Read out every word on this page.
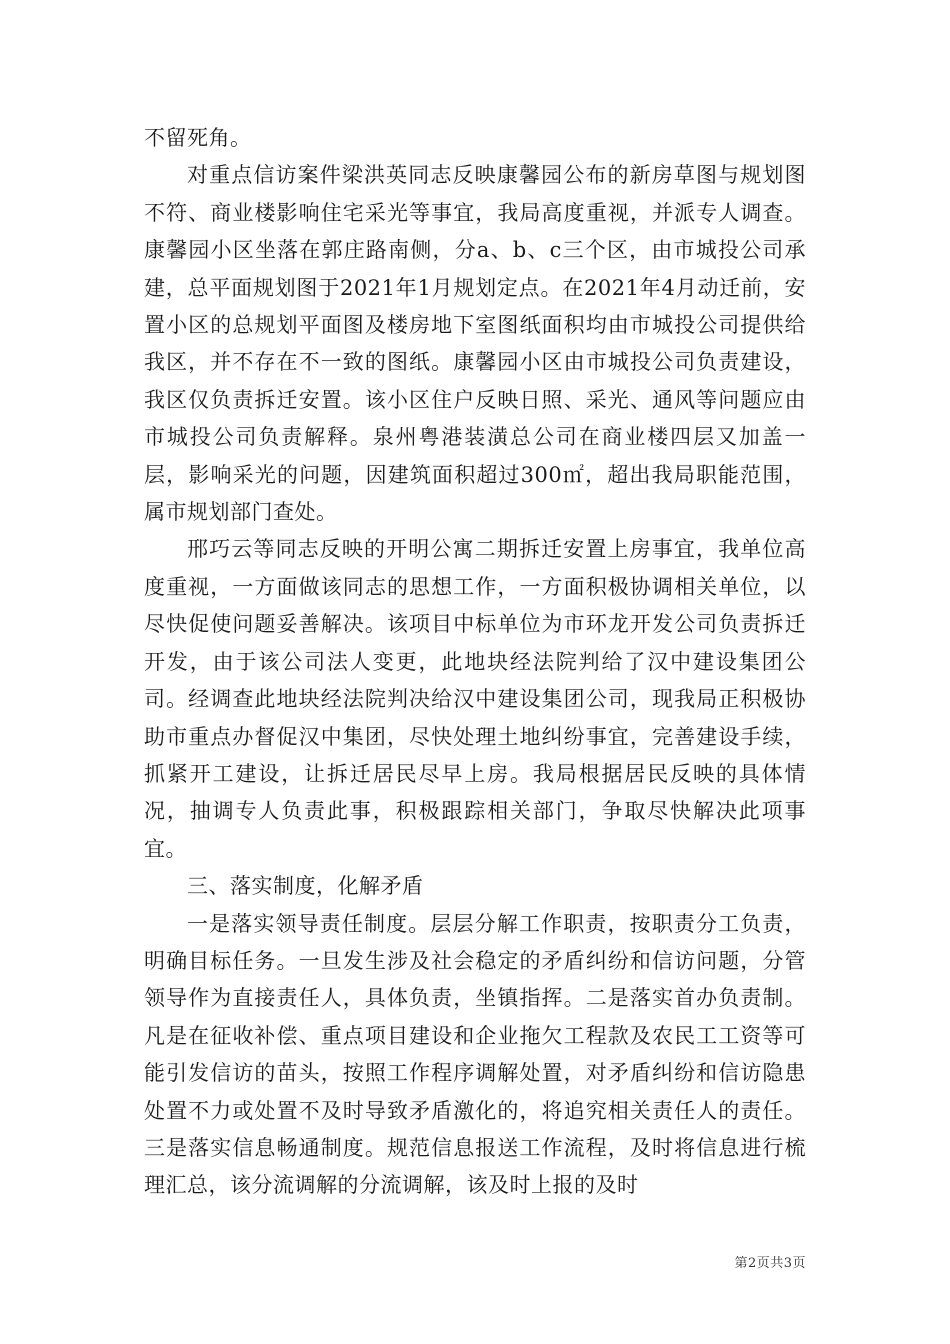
不留死角。

对重点信访案件梁洪英同志反映康馨园公布的新房草图与规划图不符、商业楼影响住宅采光等事宜，我局高度重视，并派专人调查。康馨园小区坐落在郭庄路南侧，分a、b、c三个区，由市城投公司承建，总平面规划图于2021年1月规划定点。在2021年4月动迁前，安置小区的总规划平面图及楼房地下室图纸面积均由市城投公司提供给我区，并不存在不一致的图纸。康馨园小区由市城投公司负责建设，我区仅负责拆迁安置。该小区住户反映日照、采光、通风等问题应由市城投公司负责解释。泉州粤港装潢总公司在商业楼四层又加盖一层，影响采光的问题，因建筑面积超过300㎡，超出我局职能范围，属市规划部门查处。

邢巧云等同志反映的开明公寓二期拆迁安置上房事宜，我单位高度重视，一方面做该同志的思想工作，一方面积极协调相关单位，以尽快促使问题妥善解决。该项目中标单位为市环龙开发公司负责拆迁开发，由于该公司法人变更，此地块经法院判给了汉中建设集团公司。经调查此地块经法院判决给汉中建设集团公司，现我局正积极协助市重点办督促汉中集团，尽快处理土地纠纷事宜，完善建设手续，抓紧开工建设，让拆迁居民尽早上房。我局根据居民反映的具体情况，抽调专人负责此事，积极跟踪相关部门，争取尽快解决此项事宜。

三、落实制度，化解矛盾

一是落实领导责任制度。层层分解工作职责，按职责分工负责，明确目标任务。一旦发生涉及社会稳定的矛盾纠纷和信访问题，分管领导作为直接责任人，具体负责，坐镇指挥。二是落实首办负责制。凡是在征收补偿、重点项目建设和企业拖欠工程款及农民工工资等可能引发信访的苗头，按照工作程序调解处置，对矛盾纠纷和信访隐患处置不力或处置不及时导致矛盾激化的，将追究相关责任人的责任。三是落实信息畅通制度。规范信息报送工作流程，及时将信息进行梳理汇总，该分流调解的分流调解，该及时上报的及时

第2页共3页
